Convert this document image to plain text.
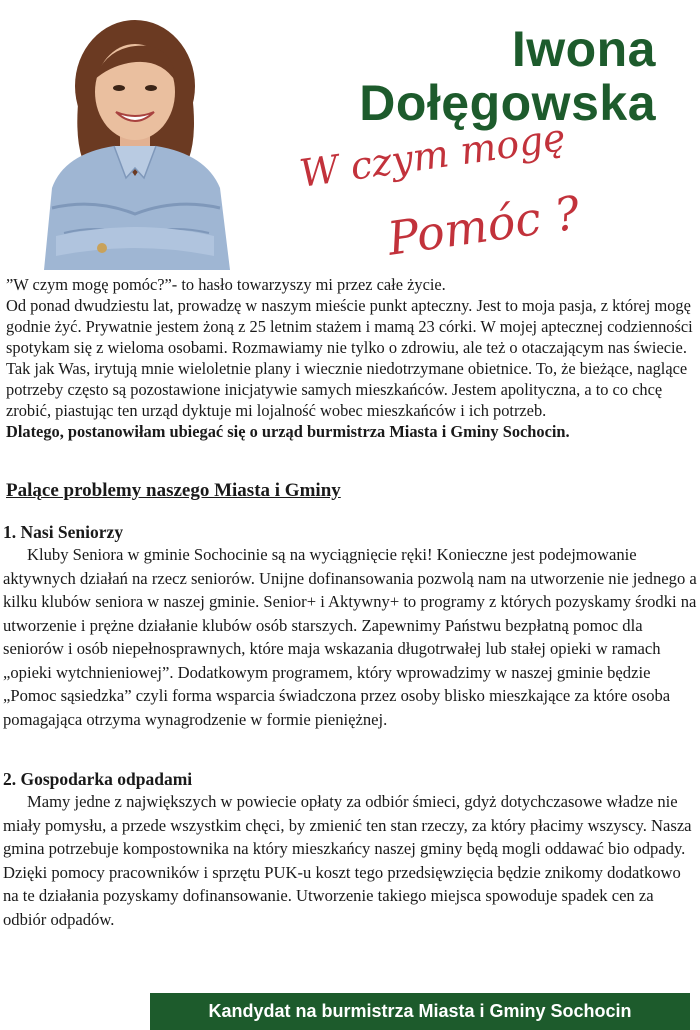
Iwona
Dołęgowska
W czym mogę
Pomóc ?

”W czym mogę pomóc?”- to hasło towarzyszy mi przez całe życie.

Od ponad dwudziestu lat, prowadzę w naszym mieście punkt apteczny. Jest to moja pasja, z której mogę godnie żyć. Prywatnie jestem żoną z 25 letnim stażem i mamą 23 córki. W mojej aptecznej codzienności spotykam się z wieloma osobami. Rozmawiamy nie tylko o zdrowiu, ale też o otaczającym nas świecie. Tak jak Was, irytują mnie wieloletnie plany i wiecznie niedotrzymane obietnice. To, że bieżące, naglące potrzeby często są pozostawione inicjatywie samych mieszkańców. Jestem apolityczna, a to co chcę zrobić, piastując ten urząd dyktuje mi lojalność wobec mieszkańców i ich potrzeb.

Dlatego, postanowiłam ubiegać się o urząd burmistrza Miasta i Gminy Sochocin.

Palące problemy naszego Miasta i Gminy
1. Nasi Seniorzy

Kluby Seniora w gminie Sochocinie są na wyciągnięcie ręki! Konieczne jest podejmowanie aktywnych działań na rzecz seniorów. Unijne dofinansowania pozwolą nam na utworzenie nie jednego a kilku klubów seniora w naszej gminie. Senior+ i Aktywny+ to programy z których pozyskamy środki na utworzenie i prężne działanie klubów osób starszych. Zapewnimy Państwu bezpłatną pomoc dla seniorów i osób niepełnosprawnych, które maja wskazania długotrwałej lub stałej opieki w ramach „opieki wytchnieniowej”. Dodatkowym programem, który wprowadzimy w naszej gminie będzie „Pomoc sąsiedzka” czyli forma wsparcia świadczona przez osoby blisko mieszkające za które osoba pomagająca otrzyma wynagrodzenie w formie pieniężnej.

2. Gospodarka odpadami

Mamy jedne z największych w powiecie opłaty za odbiór śmieci, gdyż dotychczasowe władze nie miały pomysłu, a przede wszystkim chęci, by zmienić ten stan rzeczy, za który płacimy wszyscy. Nasza gmina potrzebuje kompostownika na który mieszkańcy naszej gminy będą mogli oddawać bio odpady. Dzięki pomocy pracowników i sprzętu PUK-u koszt tego przedsięwzięcia będzie znikomy dodatkowo na te działania pozyskamy dofinansowanie. Utworzenie takiego miejsca spowoduje spadek cen za odbiór odpadów.

Kandydat na burmistrza Miasta i Gminy Sochocin
